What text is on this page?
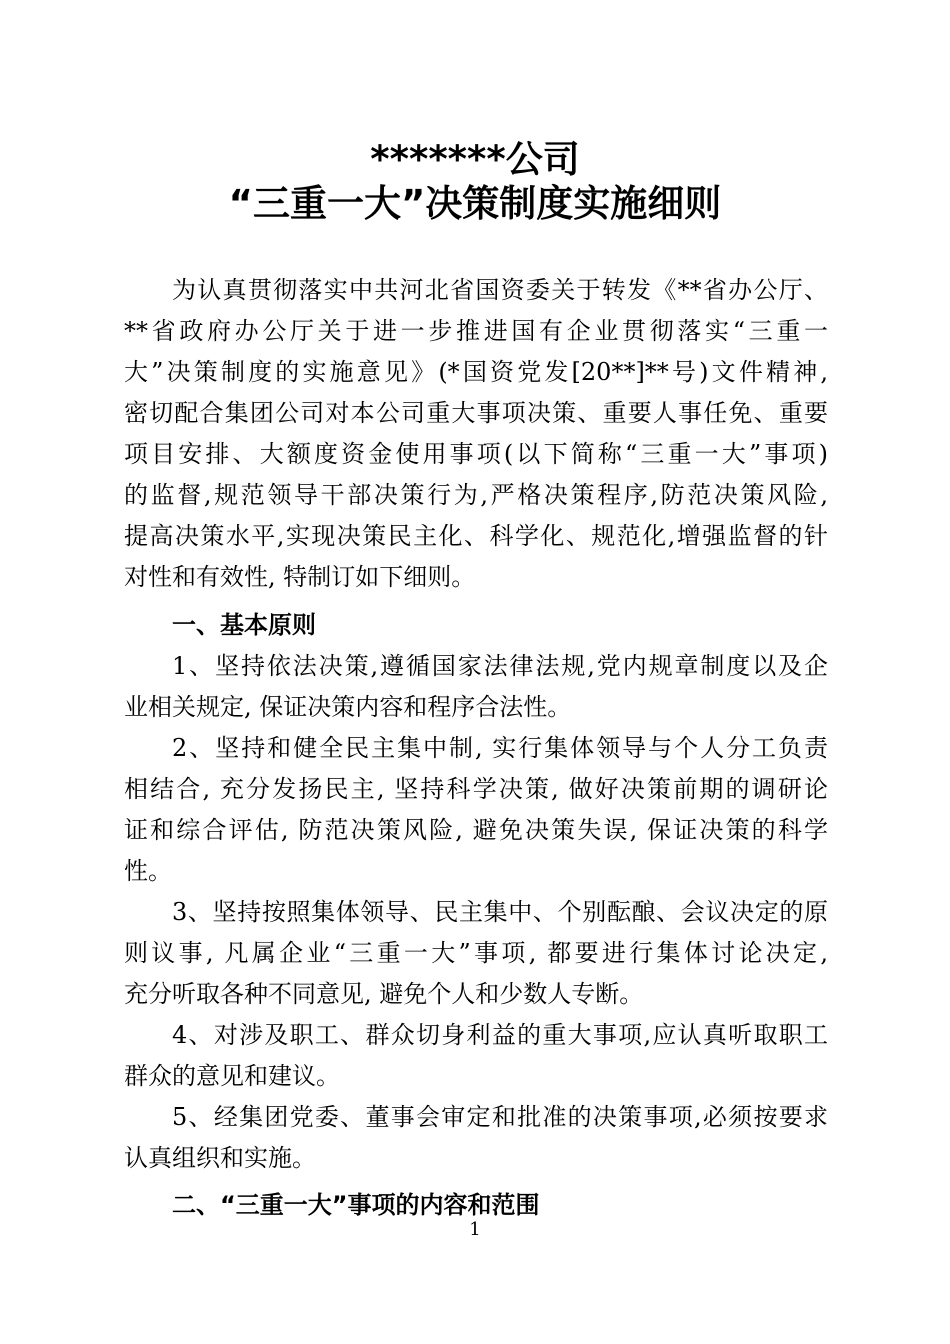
*******公司
“三重一大”决策制度实施细则
为认真贯彻落实中共河北省国资委关于转发《**省办公厅、
**省政府办公厅关于进一步推进国有企业贯彻落实“三重一
大”决策制度的实施意见》(*国资党发[20**]**号)文件精神,
密切配合集团公司对本公司重大事项决策、重要人事任免、重要
项目安排、大额度资金使用事项(以下简称“三重一大”事项)
的监督,规范领导干部决策行为,严格决策程序,防范决策风险,
提高决策水平,实现决策民主化、科学化、规范化,增强监督的针
对性和有效性, 特制订如下细则。
一、基本原则
1、坚持依法决策,遵循国家法律法规,党内规章制度以及企
业相关规定, 保证决策内容和程序合法性。
2、坚持和健全民主集中制, 实行集体领导与个人分工负责
相结合, 充分发扬民主, 坚持科学决策, 做好决策前期的调研论
证和综合评估, 防范决策风险, 避免决策失误, 保证决策的科学
性。
3、坚持按照集体领导、民主集中、个别酝酿、会议决定的原
则议事, 凡属企业“三重一大”事项, 都要进行集体讨论决定,
充分听取各种不同意见, 避免个人和少数人专断。
4、对涉及职工、群众切身利益的重大事项,应认真听取职工
群众的意见和建议。
5、经集团党委、董事会审定和批准的决策事项,必须按要求
认真组织和实施。
二、“三重一大”事项的内容和范围
1
